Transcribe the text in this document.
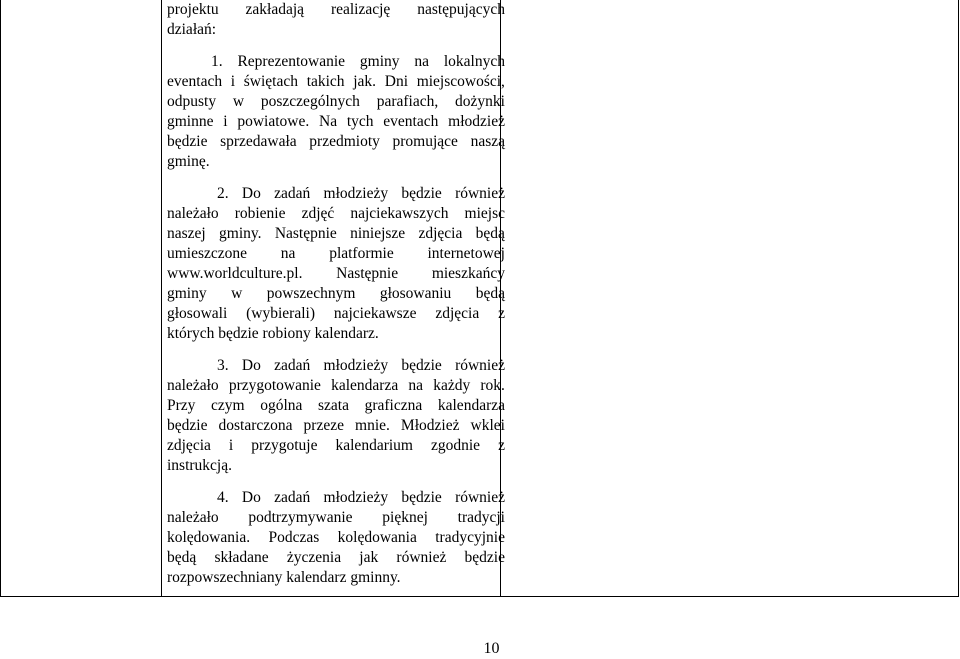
projektu zakładają realizację następujących
działań:
1. Reprezentowanie gminy na lokalnych
eventach i świętach takich jak. Dni miejscowości,
odpusty w poszczególnych parafiach, dożynki
gminne i powiatowe. Na tych eventach młodzież
będzie sprzedawała przedmioty promujące naszą
gminę.
2. Do zadań młodzieży będzie również
należało robienie zdjęć najciekawszych miejsc
naszej gminy. Następnie niniejsze zdjęcia będą
umieszczone na platformie internetowej
www.worldculture.pl. Następnie mieszkańcy
gminy w powszechnym głosowaniu będą
głosowali (wybierali) najciekawsze zdjęcia z
których będzie robiony kalendarz.
3. Do zadań młodzieży będzie również
należało przygotowanie kalendarza na każdy rok.
Przy czym ogólna szata graficzna kalendarza
będzie dostarczona przeze mnie. Młodzież wklei
zdjęcia i przygotuje kalendarium zgodnie z
instrukcją.
4. Do zadań młodzieży będzie również
należało podtrzymywanie pięknej tradycji
kolędowania. Podczas kolędowania tradycyjnie
będą składane życzenia jak również będzie
rozpowszechniany kalendarz gminny.
10
